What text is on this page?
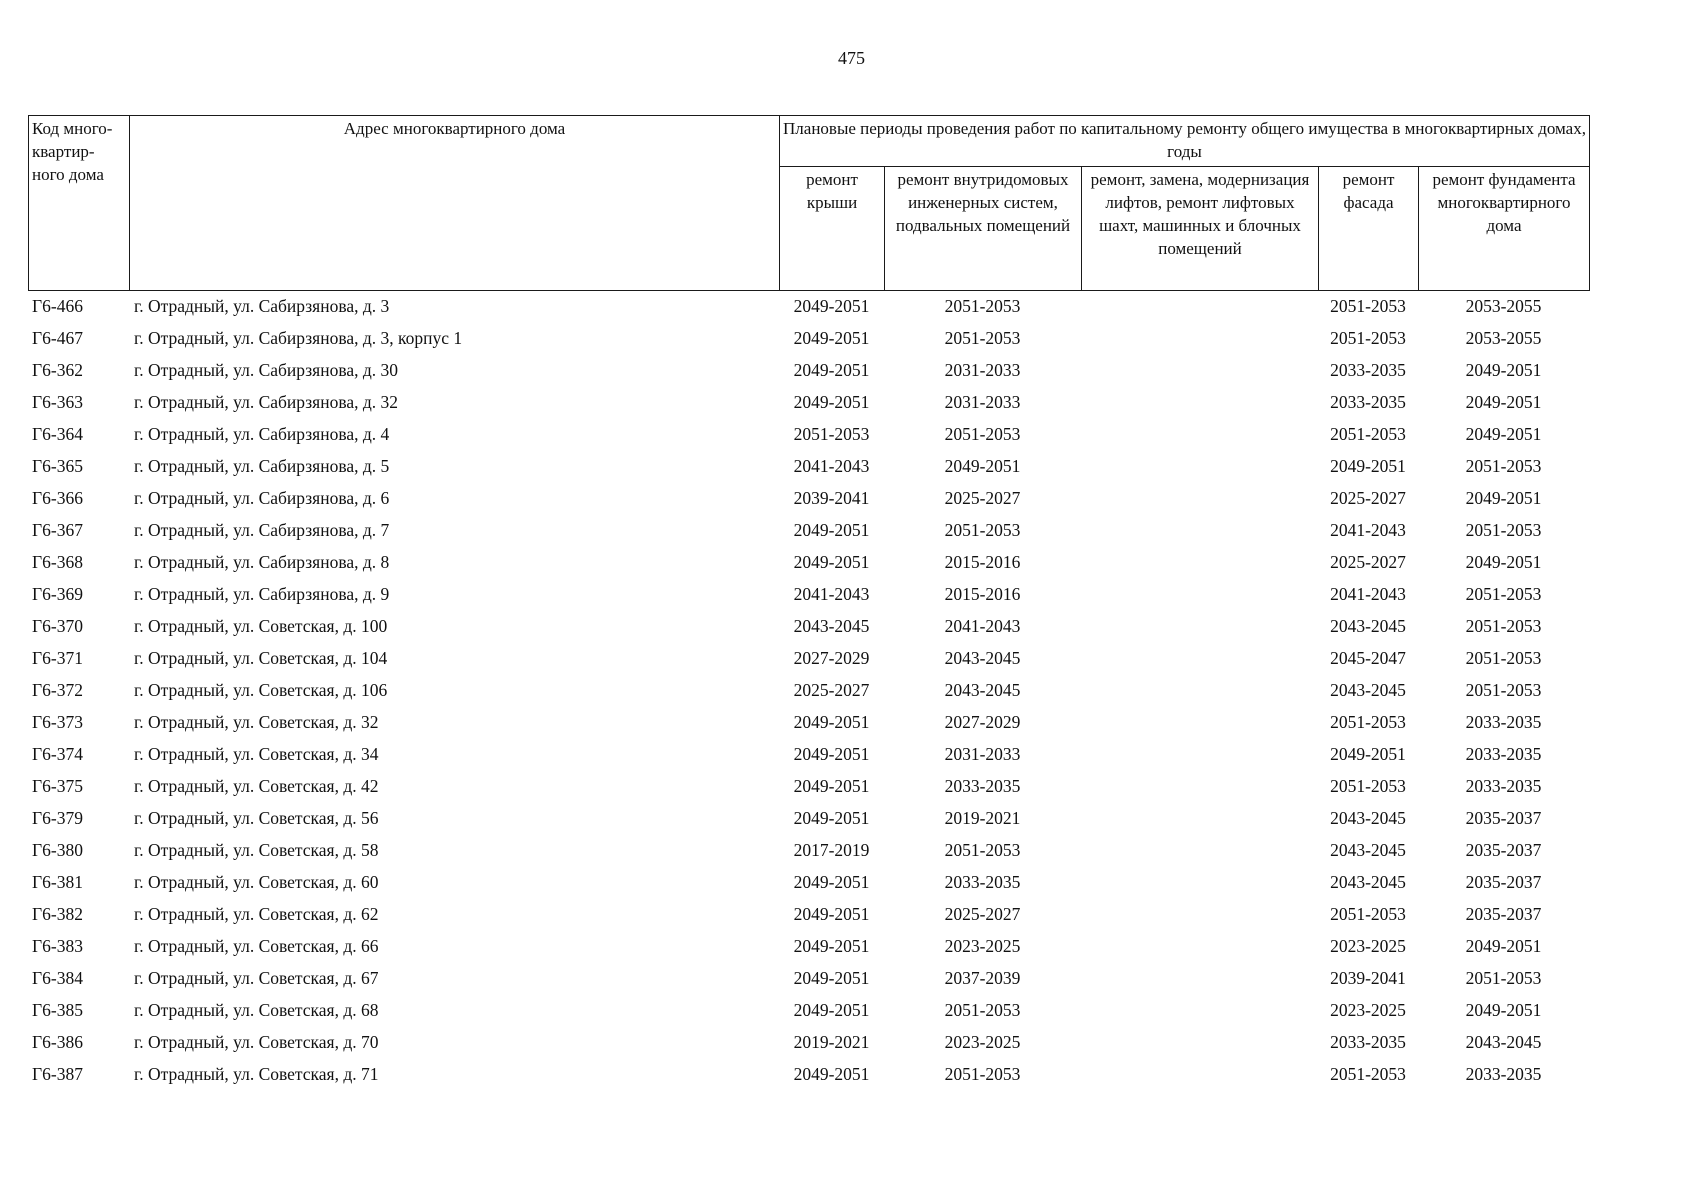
475
Код много-квартир-ного дома	Адрес многоквартирного дома	Плановые периоды проведения работ по капитальному ремонту общего имущества в многоквартирных домах, годы				
		ремонт крыши	ремонт внутридомовых инженерных систем, подвальных помещений	ремонт, замена, модернизация лифтов, ремонт лифтовых шахт, машинных и блочных помещений	ремонт фасада	ремонт фундамента многоквартирного дома
Г6-466	г. Отрадный, ул. Сабирзянова, д. 3	2049-2051	2051-2053		2051-2053	2053-2055
Г6-467	г. Отрадный, ул. Сабирзянова, д. 3, корпус 1	2049-2051	2051-2053		2051-2053	2053-2055
Г6-362	г. Отрадный, ул. Сабирзянова, д. 30	2049-2051	2031-2033		2033-2035	2049-2051
Г6-363	г. Отрадный, ул. Сабирзянова, д. 32	2049-2051	2031-2033		2033-2035	2049-2051
Г6-364	г. Отрадный, ул. Сабирзянова, д. 4	2051-2053	2051-2053		2051-2053	2049-2051
Г6-365	г. Отрадный, ул. Сабирзянова, д. 5	2041-2043	2049-2051		2049-2051	2051-2053
Г6-366	г. Отрадный, ул. Сабирзянова, д. 6	2039-2041	2025-2027		2025-2027	2049-2051
Г6-367	г. Отрадный, ул. Сабирзянова, д. 7	2049-2051	2051-2053		2041-2043	2051-2053
Г6-368	г. Отрадный, ул. Сабирзянова, д. 8	2049-2051	2015-2016		2025-2027	2049-2051
Г6-369	г. Отрадный, ул. Сабирзянова, д. 9	2041-2043	2015-2016		2041-2043	2051-2053
Г6-370	г. Отрадный, ул. Советская, д. 100	2043-2045	2041-2043		2043-2045	2051-2053
Г6-371	г. Отрадный, ул. Советская, д. 104	2027-2029	2043-2045		2045-2047	2051-2053
Г6-372	г. Отрадный, ул. Советская, д. 106	2025-2027	2043-2045		2043-2045	2051-2053
Г6-373	г. Отрадный, ул. Советская, д. 32	2049-2051	2027-2029		2051-2053	2033-2035
Г6-374	г. Отрадный, ул. Советская, д. 34	2049-2051	2031-2033		2049-2051	2033-2035
Г6-375	г. Отрадный, ул. Советская, д. 42	2049-2051	2033-2035		2051-2053	2033-2035
Г6-379	г. Отрадный, ул. Советская, д. 56	2049-2051	2019-2021		2043-2045	2035-2037
Г6-380	г. Отрадный, ул. Советская, д. 58	2017-2019	2051-2053		2043-2045	2035-2037
Г6-381	г. Отрадный, ул. Советская, д. 60	2049-2051	2033-2035		2043-2045	2035-2037
Г6-382	г. Отрадный, ул. Советская, д. 62	2049-2051	2025-2027		2051-2053	2035-2037
Г6-383	г. Отрадный, ул. Советская, д. 66	2049-2051	2023-2025		2023-2025	2049-2051
Г6-384	г. Отрадный, ул. Советская, д. 67	2049-2051	2037-2039		2039-2041	2051-2053
Г6-385	г. Отрадный, ул. Советская, д. 68	2049-2051	2051-2053		2023-2025	2049-2051
Г6-386	г. Отрадный, ул. Советская, д. 70	2019-2021	2023-2025		2033-2035	2043-2045
Г6-387	г. Отрадный, ул. Советская, д. 71	2049-2051	2051-2053		2051-2053	2033-2035
